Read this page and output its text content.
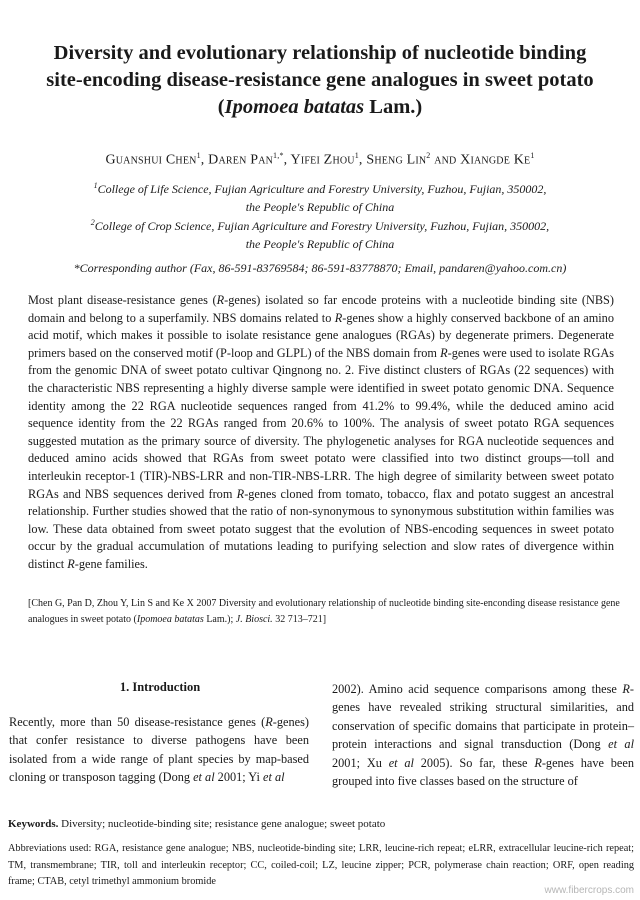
Diversity and evolutionary relationship of nucleotide binding
site-encoding disease-resistance gene analogues in sweet potato
(Ipomoea batatas Lam.)
Guanshui Chen$^1$, Daren Pan$^{1,*}$, Yifei Zhou$^1$, Sheng Lin$^2$ and Xiangde Ke$^1$
$^1$College of Life Science, Fujian Agriculture and Forestry University, Fuzhou, Fujian, 350002,
the People's Republic of China
$^2$College of Crop Science, Fujian Agriculture and Forestry University, Fuzhou, Fujian, 350002,
the People's Republic of China
*Corresponding author (Fax, 86-591-83769584; 86-591-83778870; Email, pandaren@yahoo.com.cn)

Most plant disease-resistance genes (R-genes) isolated so far encode proteins with a nucleotide binding site (NBS) domain and belong to a superfamily. NBS domains related to R-genes show a highly conserved backbone of an amino acid motif, which makes it possible to isolate resistance gene analogues (RGAs) by degenerate primers. Degenerate primers based on the conserved motif (P-loop and GLPL) of the NBS domain from R-genes were used to isolate RGAs from the genomic DNA of sweet potato cultivar Qingnong no. 2. Five distinct clusters of RGAs (22 sequences) with the characteristic NBS representing a highly diverse sample were identified in sweet potato genomic DNA. Sequence identity among the 22 RGA nucleotide sequences ranged from 41.2% to 99.4%, while the deduced amino acid sequence identity from the 22 RGAs ranged from 20.6% to 100%. The analysis of sweet potato RGA sequences suggested mutation as the primary source of diversity. The phylogenetic analyses for RGA nucleotide sequences and deduced amino acids showed that RGAs from sweet potato were classified into two distinct groups—toll and interleukin receptor-1 (TIR)-NBS-LRR and non-TIR-NBS-LRR. The high degree of similarity between sweet potato RGAs and NBS sequences derived from R-genes cloned from tomato, tobacco, flax and potato suggest an ancestral relationship. Further studies showed that the ratio of non-synonymous to synonymous substitution within families was low. These data obtained from sweet potato suggest that the evolution of NBS-encoding sequences in sweet potato occur by the gradual accumulation of mutations leading to purifying selection and slow rates of divergence within distinct R-gene families.

[Chen G, Pan D, Zhou Y, Lin S and Ke X 2007 Diversity and evolutionary relationship of nucleotide binding site-enconding disease resistance gene analogues in sweet potato (Ipomoea batatas Lam.); J. Biosci. 32 713–721]

1. Introduction

Recently, more than 50 disease-resistance genes (R-genes) that confer resistance to diverse pathogens have been isolated from a wide range of plant species by map-based cloning or transposon tagging (Dong et al 2001; Yi et al

2002). Amino acid sequence comparisons among these R-genes have revealed striking structural similarities, and conservation of specific domains that participate in protein–protein interactions and signal transduction (Dong et al 2001; Xu et al 2005). So far, these R-genes have been grouped into five classes based on the structure of

Keywords. Diversity; nucleotide-binding site; resistance gene analogue; sweet potato

Abbreviations used: RGA, resistance gene analogue; NBS, nucleotide-binding site; LRR, leucine-rich repeat; eLRR, extracellular leucine-rich repeat; TM, transmembrane; TIR, toll and interleukin receptor; CC, coiled-coil; LZ, leucine zipper; PCR, polymerase chain reaction; ORF, open reading frame; CTAB, cetyl trimethyl ammonium bromide

www.fibercrops.com
